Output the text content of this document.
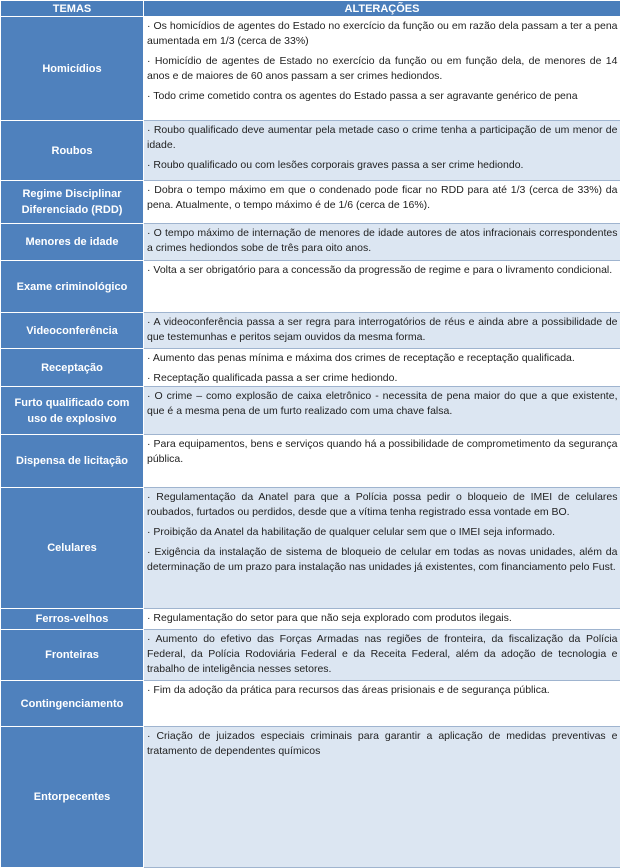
TEMAS	ALTERAÇÕES
Homicídios	· Os homicídios de agentes do Estado no exercício da função ou em razão dela passam a ter a pena aumentada em 1/3 (cerca de 33%)
· Homicídio de agentes de Estado no exercício da função ou em função dela, de menores de 14 anos e de maiores de 60 anos passam a ser crimes hediondos.
· Todo crime cometido contra os agentes do Estado passa a ser agravante genérico de pena

Roubos	· Roubo qualificado deve aumentar pela metade caso o crime tenha a participação de um menor de idade.
· Roubo qualificado ou com lesões corporais graves passa a ser crime hediondo.

Regime Disciplinar Diferenciado (RDD)	· Dobra o tempo máximo em que o condenado pode ficar no RDD para até 1/3 (cerca de 33%) da pena. Atualmente, o tempo máximo é de 1/6 (cerca de 16%).

Menores de idade	· O tempo máximo de internação de menores de idade autores de atos infracionais correspondentes a crimes hediondos sobe de três para oito anos.

Exame criminológico	· Volta a ser obrigatório para a concessão da progressão de regime e para o livramento condicional.

Videoconferência	· A videoconferência passa a ser regra para interrogatórios de réus e ainda abre a possibilidade de que testemunhas e peritos sejam ouvidos da mesma forma.

Receptação	· Aumento das penas mínima e máxima dos crimes de receptação e receptação qualificada.
· Receptação qualificada passa a ser crime hediondo.

Furto qualificado com uso de explosivo	· O crime – como explosão de caixa eletrônico - necessita de pena maior do que a que existente, que é a mesma pena de um furto realizado com uma chave falsa.

Dispensa de licitação	· Para equipamentos, bens e serviços quando há a possibilidade de comprometimento da segurança pública.

Celulares	· Regulamentação da Anatel para que a Polícia possa pedir o bloqueio de IMEI de celulares roubados, furtados ou perdidos, desde que a vítima tenha registrado essa vontade em BO.
· Proibição da Anatel da habilitação de qualquer celular sem que o IMEI seja informado.
· Exigência da instalação de sistema de bloqueio de celular em todas as novas unidades, além da determinação de um prazo para instalação nas unidades já existentes, com financiamento pelo Fust.

Ferros-velhos	· Regulamentação do setor para que não seja explorado com produtos ilegais.

Fronteiras	· Aumento do efetivo das Forças Armadas nas regiões de fronteira, da fiscalização da Polícia Federal, da Polícia Rodoviária Federal e da Receita Federal, além da adoção de tecnologia e trabalho de inteligência nesses setores.

Contingenciamento	· Fim da adoção da prática para recursos das áreas prisionais e de segurança pública.

Entorpecentes	· Criação de juizados especiais criminais para garantir a aplicação de medidas preventivas e tratamento de dependentes químicos
